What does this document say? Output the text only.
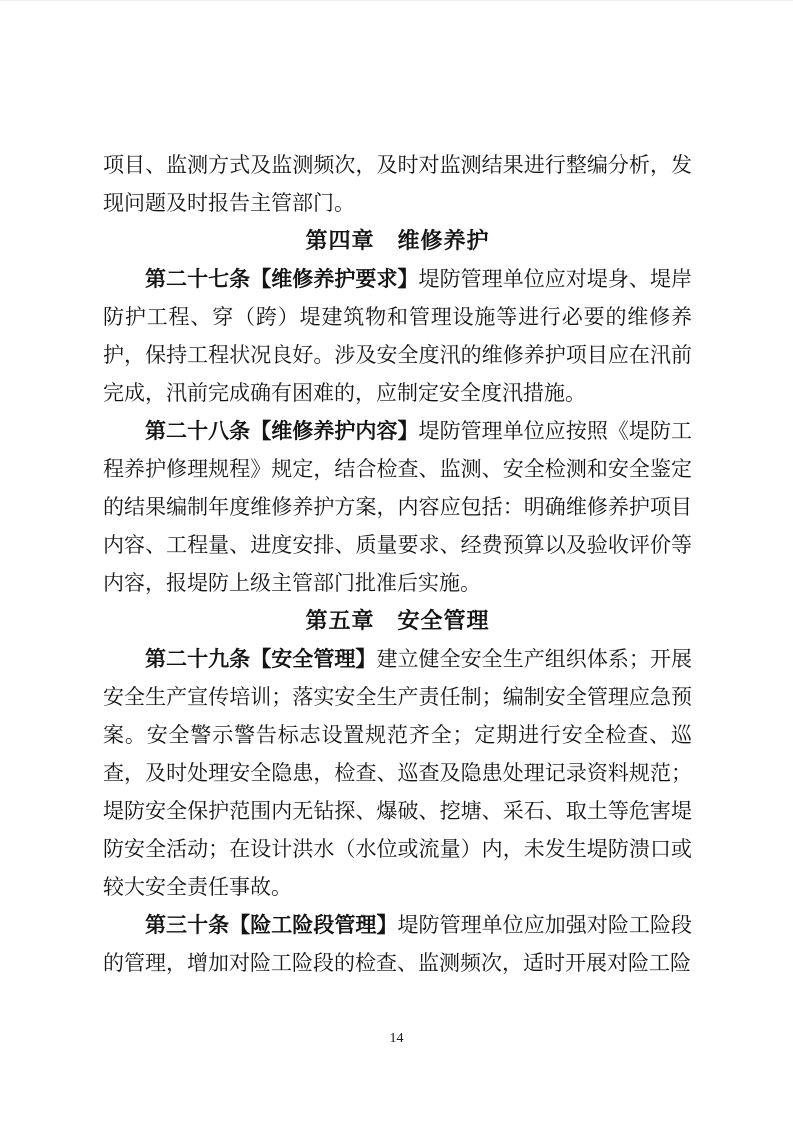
项目、监测方式及监测频次，及时对监测结果进行整编分析，发现问题及时报告主管部门。

第四章　维修养护

第二十七条【维修养护要求】堤防管理单位应对堤身、堤岸防护工程、穿（跨）堤建筑物和管理设施等进行必要的维修养护，保持工程状况良好。涉及安全度汛的维修养护项目应在汛前完成，汛前完成确有困难的，应制定安全度汛措施。

第二十八条【维修养护内容】堤防管理单位应按照《堤防工程养护修理规程》规定，结合检查、监测、安全检测和安全鉴定的结果编制年度维修养护方案，内容应包括：明确维修养护项目内容、工程量、进度安排、质量要求、经费预算以及验收评价等内容，报堤防上级主管部门批准后实施。

第五章　安全管理

第二十九条【安全管理】建立健全安全生产组织体系；开展安全生产宣传培训；落实安全生产责任制；编制安全管理应急预案。安全警示警告标志设置规范齐全；定期进行安全检查、巡查，及时处理安全隐患，检查、巡查及隐患处理记录资料规范；堤防安全保护范围内无钻探、爆破、挖塘、采石、取土等危害堤防安全活动；在设计洪水（水位或流量）内，未发生堤防溃口或较大安全责任事故。

第三十条【险工险段管理】堤防管理单位应加强对险工险段的管理，增加对险工险段的检查、监测频次，适时开展对险工险

14
